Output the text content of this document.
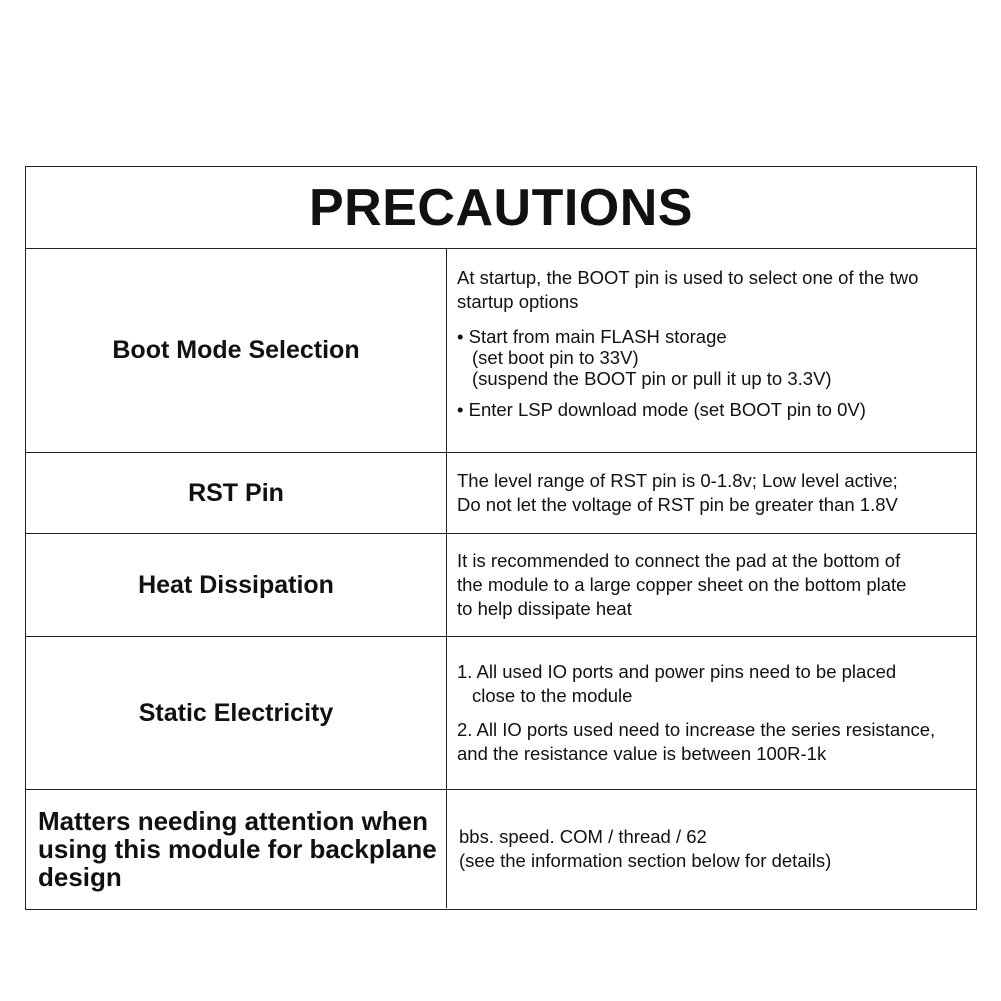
PRECAUTIONS
Boot Mode Selection
At startup, the BOOT pin is used to select one of the two
startup options
• Start from main FLASH storage
(set boot pin to 33V)
(suspend the BOOT pin or pull it up to 3.3V)
• Enter LSP download mode (set BOOT pin to 0V)
RST Pin	The level range of RST pin is 0-1.8v; Low level active;
Do not let the voltage of RST pin be greater than 1.8V
Heat Dissipation
It is recommended to connect the pad at the bottom of
the module to a large copper sheet on the bottom plate
to help dissipate heat
Static Electricity
1. All used IO ports and power pins need to be placed
close to the module
2. All IO ports used need to increase the series resistance,
and the resistance value is between 100R-1k
Matters needing attention when
using this module for backplane
design
bbs. speed. COM / thread / 62
(see the information section below for details)
